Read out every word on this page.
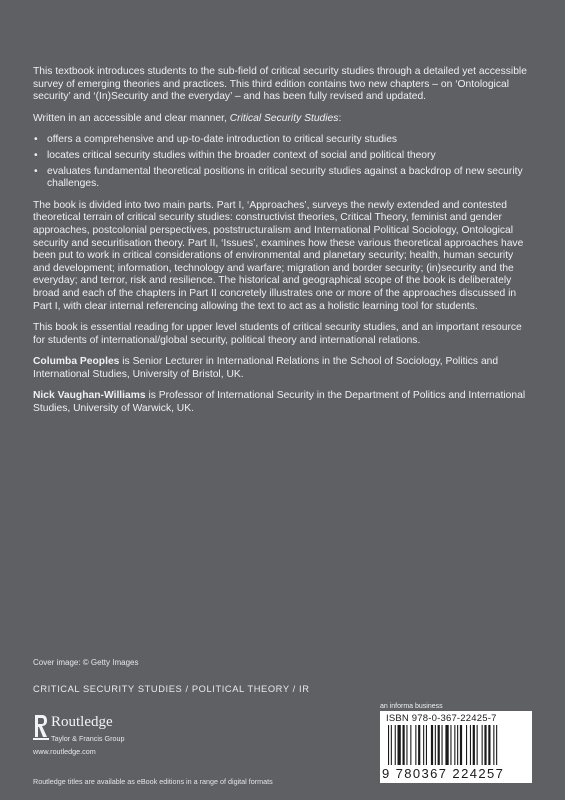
This textbook introduces students to the sub-field of critical security studies through a detailed yet accessible survey of emerging theories and practices. This third edition contains two new chapters – on ‘Ontological security’ and ‘(In)Security and the everyday’ – and has been fully revised and updated.

Written in an accessible and clear manner, Critical Security Studies:

• offers a comprehensive and up-to-date introduction to critical security studies
• locates critical security studies within the broader context of social and political theory
• evaluates fundamental theoretical positions in critical security studies against a backdrop of new security challenges.

The book is divided into two main parts. Part I, ‘Approaches’, surveys the newly extended and contested theoretical terrain of critical security studies: constructivist theories, Critical Theory, feminist and gender approaches, postcolonial perspectives, poststructuralism and International Political Sociology, Ontological security and securitisation theory. Part II, ‘Issues’, examines how these various theoretical approaches have been put to work in critical considerations of environmental and planetary security; health, human security and development; information, technology and warfare; migration and border security; (in)security and the everyday; and terror, risk and resilience. The historical and geographical scope of the book is deliberately broad and each of the chapters in Part II concretely illustrates one or more of the approaches discussed in Part I, with clear internal referencing allowing the text to act as a holistic learning tool for students.

This book is essential reading for upper level students of critical security studies, and an important resource for students of international/global security, political theory and international relations.

Columba Peoples is Senior Lecturer in International Relations in the School of Sociology, Politics and International Studies, University of Bristol, UK.

Nick Vaughan-Williams is Professor of International Security in the Department of Politics and International Studies, University of Warwick, UK.

Cover image: © Getty Images
CRITICAL SECURITY STUDIES / POLITICAL THEORY / IR
Routledge
Taylor & Francis Group
www.routledge.com
Routledge titles are available as eBook editions in a range of digital formats
an informa business
ISBN 978-0-367-22425-7
9 780367 224257
